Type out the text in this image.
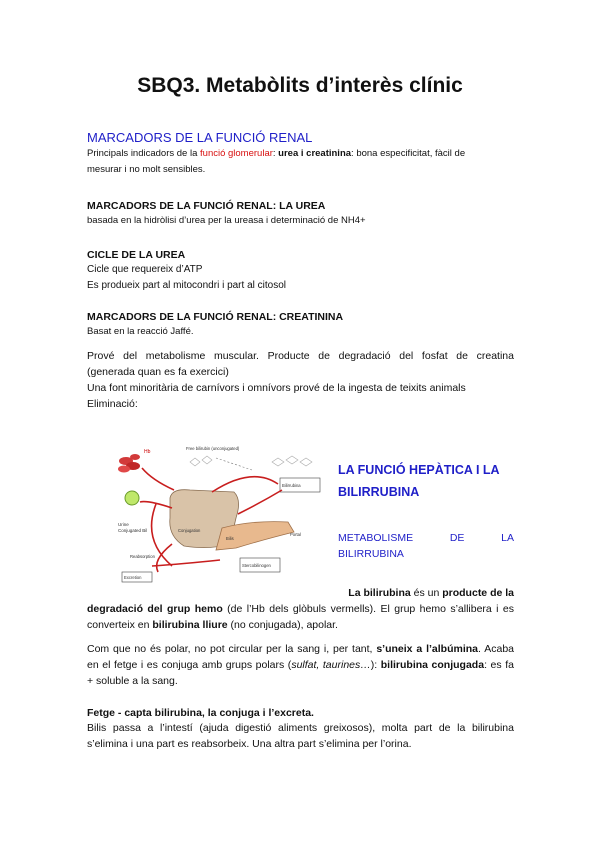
SBQ3. Metabòlits d’interès clínic
MARCADORS DE LA FUNCIÓ RENAL
Principals indicadors de la funció glomerular: urea i creatinina: bona especificitat, fàcil de
mesurar i no molt sensibles.
MARCADORS DE LA FUNCIÓ RENAL: LA UREA
basada en la hidròlisi d’urea per la ureasa i determinació de NH4+
CICLE DE LA UREA
Cicle que requereix d’ATP
Es produeix part al mitocondri i part al citosol
MARCADORS DE LA FUNCIÓ RENAL: CREATININA
Basat en la reacció Jaffé.
Prové del metabolisme muscular. Producte de degradació del fosfat de creatina
(generada quan es fa exercici)
Una font minoritària de carnívors i omnívors prové de la ingesta de teixits animals
Eliminació:
Hb
Free bilirubin (unconjugated)
Urine
Conjugated Bil	Conjugation
Bilis
Bilirrubina
Stercobilinogen
Excretion
Reabsorption
Portal
LA FUNCIÓ HEPÀTICA I LA
BILIRRUBINA
METABOLISME	DE	LA
BILIRRUBINA
La bilirubina és un producte de la
degradació del grup hemo (de l’Hb dels glòbuls vermells). El grup hemo s’allibera i es
converteix en bilirubina lliure (no conjugada), apolar.
Com que no és polar, no pot circular per la sang i, per tant, s’uneix a l’albúmina. Acaba
en el fetge i es conjuga amb grups polars (sulfat, taurines…): bilirubina conjugada: es fa
+ soluble a la sang.
Fetge - capta bilirubina, la conjuga i l’excreta.
Bilis passa a l’intestí (ajuda digestió aliments greixosos), molta part de la bilirubina
s’elimina i una part es reabsorbeix. Una altra part s’elimina per l’orina.
